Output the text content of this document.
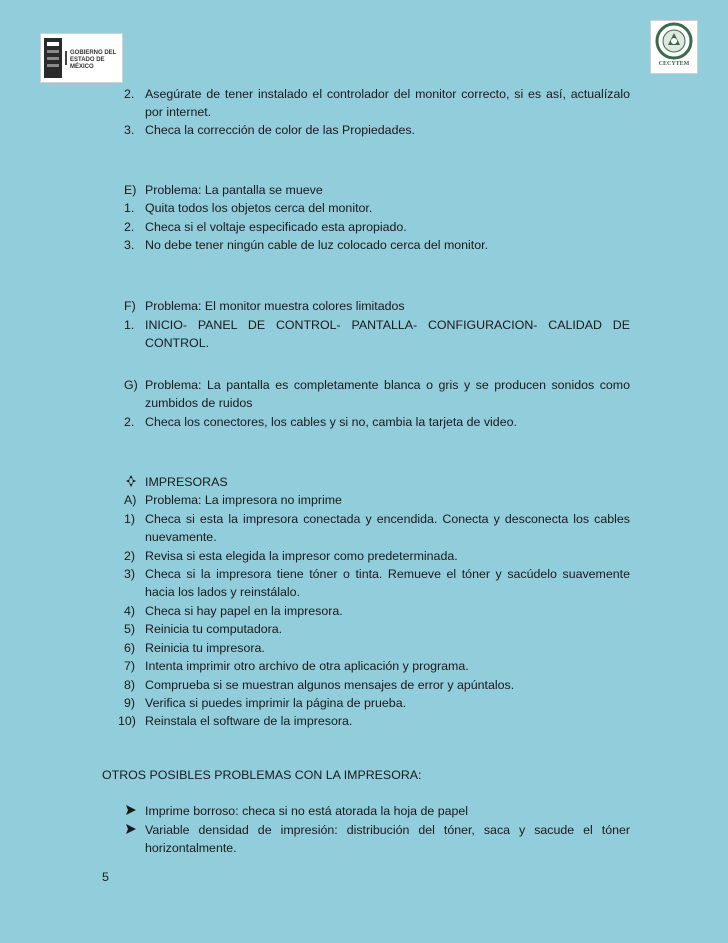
GOBIERNO DEL
ESTADO DE MÉXICO	CECYTEM
2. Asegúrate de tener instalado el controlador del monitor correcto, si es así, actualízalo por internet.
3. Checa la corrección de color de las Propiedades.
E) Problema: La pantalla se mueve
1. Quita todos los objetos cerca del monitor.
2. Checa si el voltaje especificado esta apropiado.
3. No debe tener ningún cable de luz colocado cerca del monitor.
F) Problema: El monitor muestra colores limitados
1. INICIO- PANEL DE CONTROL- PANTALLA- CONFIGURACION- CALIDAD DE CONTROL.
G) Problema: La pantalla es completamente blanca o gris y se producen sonidos como zumbidos de ruidos
2. Checa los conectores, los cables y si no, cambia la tarjeta de video.
IMPRESORAS
A) Problema: La impresora no imprime
1) Checa si esta la impresora conectada y encendida. Conecta y desconecta los cables nuevamente.
2) Revisa si esta elegida la impresor como predeterminada.
3) Checa si la impresora tiene tóner o tinta. Remueve el tóner y sacúdelo suavemente hacia los lados y reinstálalo.
4) Checa si hay papel en la impresora.
5) Reinicia tu computadora.
6) Reinicia tu impresora.
7) Intenta imprimir otro archivo de otra aplicación y programa.
8) Comprueba si se muestran algunos mensajes de error y apúntalos.
9) Verifica si puedes imprimir la página de prueba.
10) Reinstala el software de la impresora.
OTROS POSIBLES PROBLEMAS CON LA IMPRESORA:
Imprime borroso: checa si no está atorada la hoja de papel
Variable densidad de impresión: distribución del tóner, saca y sacude el tóner horizontalmente.
5
